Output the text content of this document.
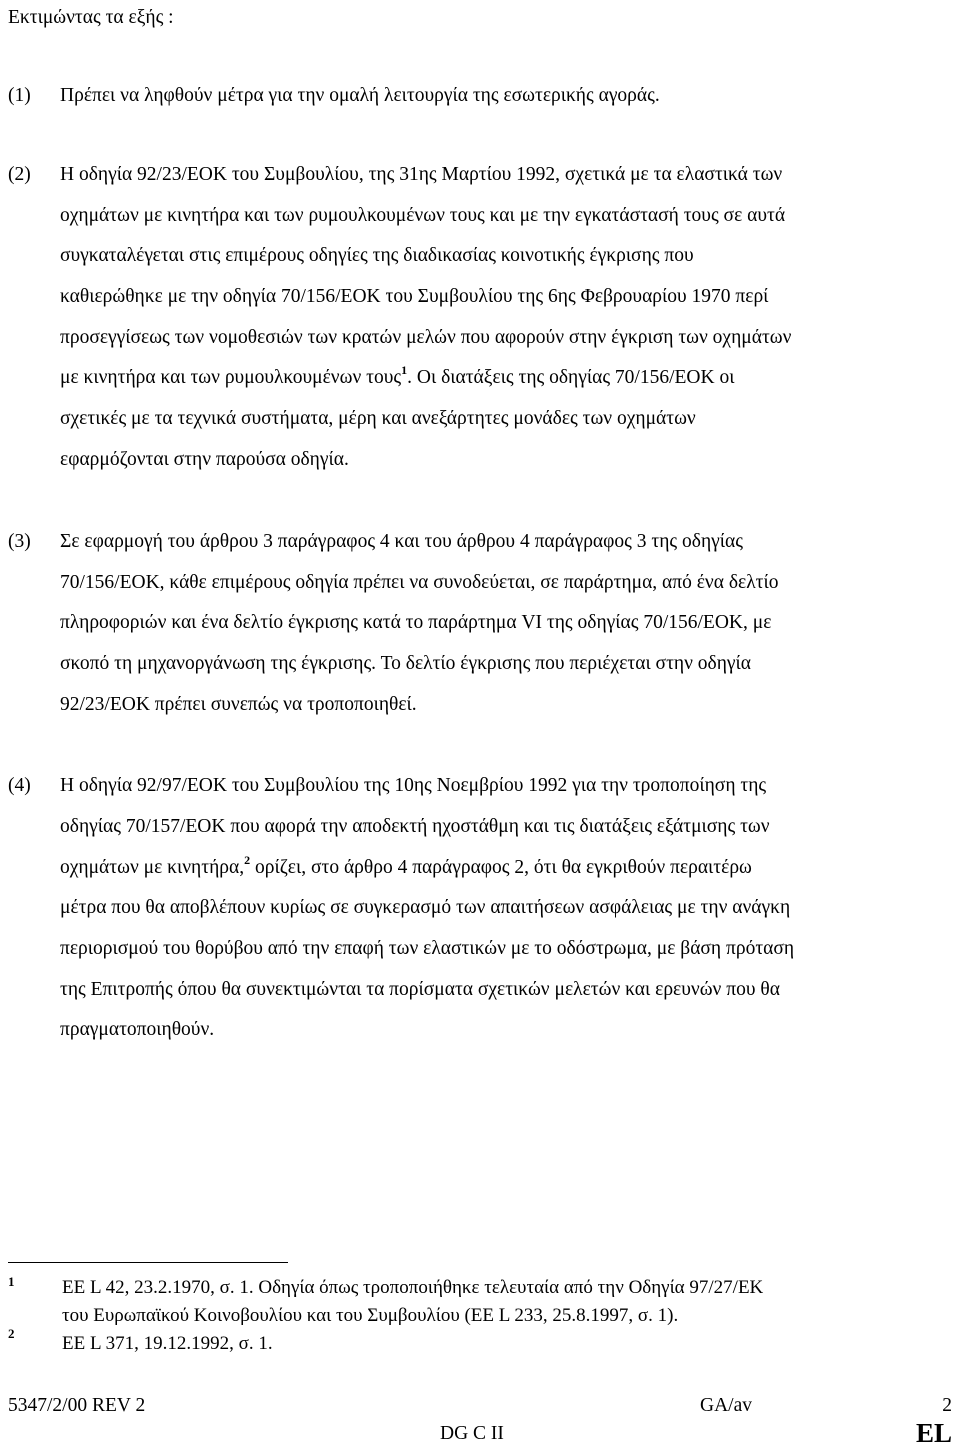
Εκτιμώντας τα εξής :
(1) Πρέπει να ληφθούν μέτρα για την ομαλή λειτουργία της εσωτερικής αγοράς.
(2) Η οδηγία 92/23/ΕΟΚ του Συμβουλίου, της 31ης Μαρτίου 1992, σχετικά με τα ελαστικά των
οχημάτων με κινητήρα και των ρυμουλκουμένων τους και με την εγκατάστασή τους σε αυτά
συγκαταλέγεται στις επιμέρους οδηγίες της διαδικασίας κοινοτικής έγκρισης που
καθιερώθηκε με την οδηγία 70/156/ΕΟΚ του Συμβουλίου της 6ης Φεβρουαρίου 1970 περί
προσεγγίσεως των νομοθεσιών των κρατών μελών που αφορούν στην έγκριση των οχημάτων
με κινητήρα και των ρυμουλκουμένων τους$^1$. Οι διατάξεις της οδηγίας 70/156/ΕΟΚ οι
σχετικές με τα τεχνικά συστήματα, μέρη και ανεξάρτητες μονάδες των οχημάτων
εφαρμόζονται στην παρούσα οδηγία.
(3) Σε εφαρμογή του άρθρου 3 παράγραφος 4 και του άρθρου 4 παράγραφος 3 της οδηγίας
70/156/ΕΟΚ, κάθε επιμέρους οδηγία πρέπει να συνοδεύεται, σε παράρτημα, από ένα δελτίο
πληροφοριών και ένα δελτίο έγκρισης κατά το παράρτημα VI της οδηγίας 70/156/ΕΟΚ, με
σκοπό τη μηχανοργάνωση της έγκρισης. Το δελτίο έγκρισης που περιέχεται στην οδηγία
92/23/ΕΟΚ πρέπει συνεπώς να τροποποιηθεί.
(4) Η οδηγία 92/97/ΕΟΚ του Συμβουλίου της 10ης Νοεμβρίου 1992 για την τροποποίηση της
οδηγίας 70/157/ΕΟΚ που αφορά την αποδεκτή ηχοστάθμη και τις διατάξεις εξάτμισης των
οχημάτων με κινητήρα,$^2$ ορίζει, στο άρθρο 4 παράγραφος 2, ότι θα εγκριθούν περαιτέρω
μέτρα που θα αποβλέπουν κυρίως σε συγκερασμό των απαιτήσεων ασφάλειας με την ανάγκη
περιορισμού του θορύβου από την επαφή των ελαστικών με το οδόστρωμα, με βάση πρόταση
της Επιτροπής όπου θα συνεκτιμώνται τα πορίσματα σχετικών μελετών και ερευνών που θα
πραγματοποιηθούν.
1	ΕΕ L 42, 23.2.1970, σ. 1. Οδηγία όπως τροποποιήθηκε τελευταία από την Οδηγία 97/27/ΕΚ
του Ευρωπαϊκού Κοινοβουλίου και του Συμβουλίου (ΕΕ L 233, 25.8.1997, σ. 1).
2	ΕΕ L 371, 19.12.1992, σ. 1.
5347/2/00 REV 2	GA/av	2
DG C II	EL
